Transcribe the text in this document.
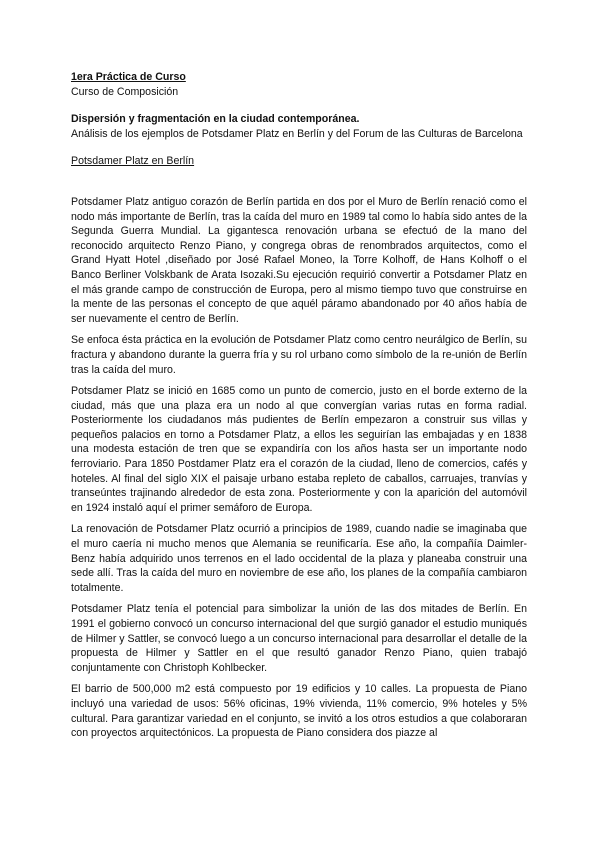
1era Práctica de Curso

Curso de Composición

Dispersión y fragmentación en la ciudad contemporánea.

Análisis de los ejemplos de Potsdamer Platz en Berlín y del Forum de las Culturas de Barcelona

Potsdamer Platz en Berlín

Potsdamer Platz antiguo corazón de Berlín partida en dos por el Muro de Berlín renació como el nodo más importante de Berlín, tras la caída del muro en 1989 tal como lo había sido antes de la Segunda Guerra Mundial. La gigantesca renovación urbana se efectuó de la mano del reconocido arquitecto Renzo Piano, y congrega obras de renombrados arquitectos, como el Grand Hyatt Hotel ,diseñado por José Rafael Moneo, la Torre Kolhoff, de Hans Kolhoff o el Banco Berliner Volskbank de Arata Isozaki.Su ejecución requirió convertir a Potsdamer Platz en el más grande campo de construcción de Europa, pero al mismo tiempo tuvo que construirse en la mente de las personas el concepto de que aquél páramo abandonado por 40 años había de ser nuevamente el centro de Berlín.

Se enfoca ésta práctica en la evolución de Potsdamer Platz como centro neurálgico de Berlín, su fractura y abandono durante la guerra fría y su rol urbano como símbolo de la re-unión de Berlín tras la caída del muro.

Potsdamer Platz se inició en 1685 como un punto de comercio, justo en el borde externo de la ciudad, más que una plaza era un nodo al que convergían varias rutas en forma radial. Posteriormente los ciudadanos más pudientes de Berlín empezaron a construir sus villas y pequeños palacios en torno a Potsdamer Platz, a ellos les seguirían las embajadas y en 1838 una modesta estación de tren que se expandiría con los años hasta ser un importante nodo ferroviario. Para 1850 Postdamer Platz era el corazón de la ciudad, lleno de comercios, cafés y hoteles. Al final del siglo XIX el paisaje urbano estaba repleto de caballos, carruajes, tranvías y transeúntes trajinando alrededor de esta zona. Posteriormente y con la aparición del automóvil en 1924 instaló aquí el primer semáforo de Europa.

La renovación de Potsdamer Platz ocurrió a principios de 1989, cuando nadie se imaginaba que el muro caería ni mucho menos que Alemania se reunificaría. Ese año, la compañía Daimler-Benz había adquirido unos terrenos en el lado occidental de la plaza y planeaba construir una sede allí. Tras la caída del muro en noviembre de ese año, los planes de la compañía cambiaron totalmente.

Potsdamer Platz tenía el potencial para simbolizar la unión de las dos mitades de Berlín. En 1991 el gobierno convocó un concurso internacional del que surgió ganador el estudio muniqués de Hilmer y Sattler, se convocó luego a un concurso internacional para desarrollar el detalle de la propuesta de Hilmer y Sattler en el que resultó ganador Renzo Piano, quien trabajó conjuntamente con Christoph Kohlbecker.

El barrio de 500,000 m2 está compuesto por 19 edificios y 10 calles. La propuesta de Piano incluyó una variedad de usos: 56% oficinas, 19% vivienda, 11% comercio, 9% hoteles y 5% cultural. Para garantizar variedad en el conjunto, se invitó a los otros estudios a que colaboraran con proyectos arquitectónicos. La propuesta de Piano considera dos piazze al
